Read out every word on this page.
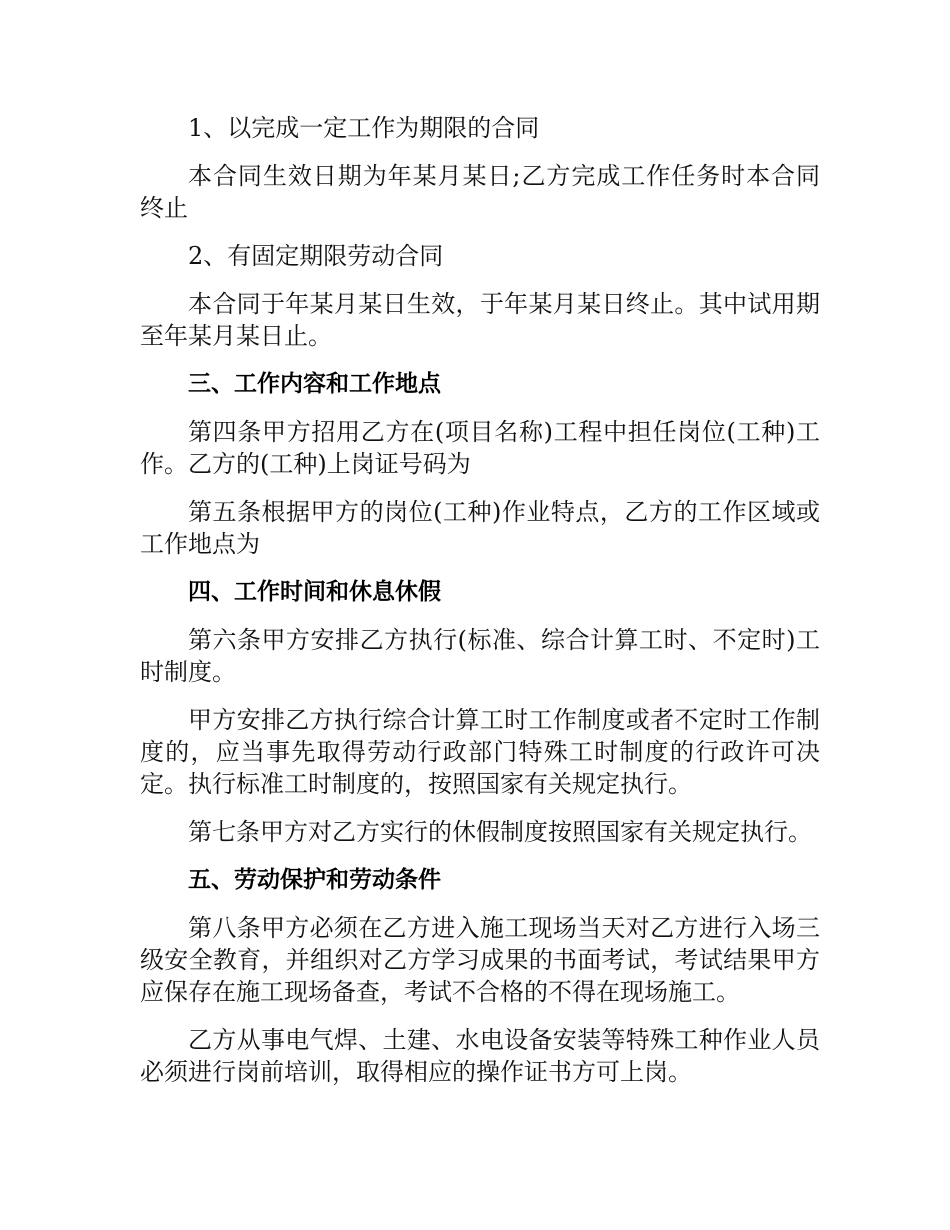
1、以完成一定工作为期限的合同

本合同生效日期为年某月某日;乙方完成工作任务时本合同终止

2、有固定期限劳动合同

本合同于年某月某日生效，于年某月某日终止。其中试用期至年某月某日止。

三、工作内容和工作地点

第四条甲方招用乙方在(项目名称)工程中担任岗位(工种)工作。乙方的(工种)上岗证号码为

第五条根据甲方的岗位(工种)作业特点，乙方的工作区域或工作地点为

四、工作时间和休息休假

第六条甲方安排乙方执行(标准、综合计算工时、不定时)工时制度。

甲方安排乙方执行综合计算工时工作制度或者不定时工作制度的，应当事先取得劳动行政部门特殊工时制度的行政许可决定。执行标准工时制度的，按照国家有关规定执行。

第七条甲方对乙方实行的休假制度按照国家有关规定执行。

五、劳动保护和劳动条件

第八条甲方必须在乙方进入施工现场当天对乙方进行入场三级安全教育，并组织对乙方学习成果的书面考试，考试结果甲方应保存在施工现场备查，考试不合格的不得在现场施工。

乙方从事电气焊、土建、水电设备安装等特殊工种作业人员必须进行岗前培训，取得相应的操作证书方可上岗。
